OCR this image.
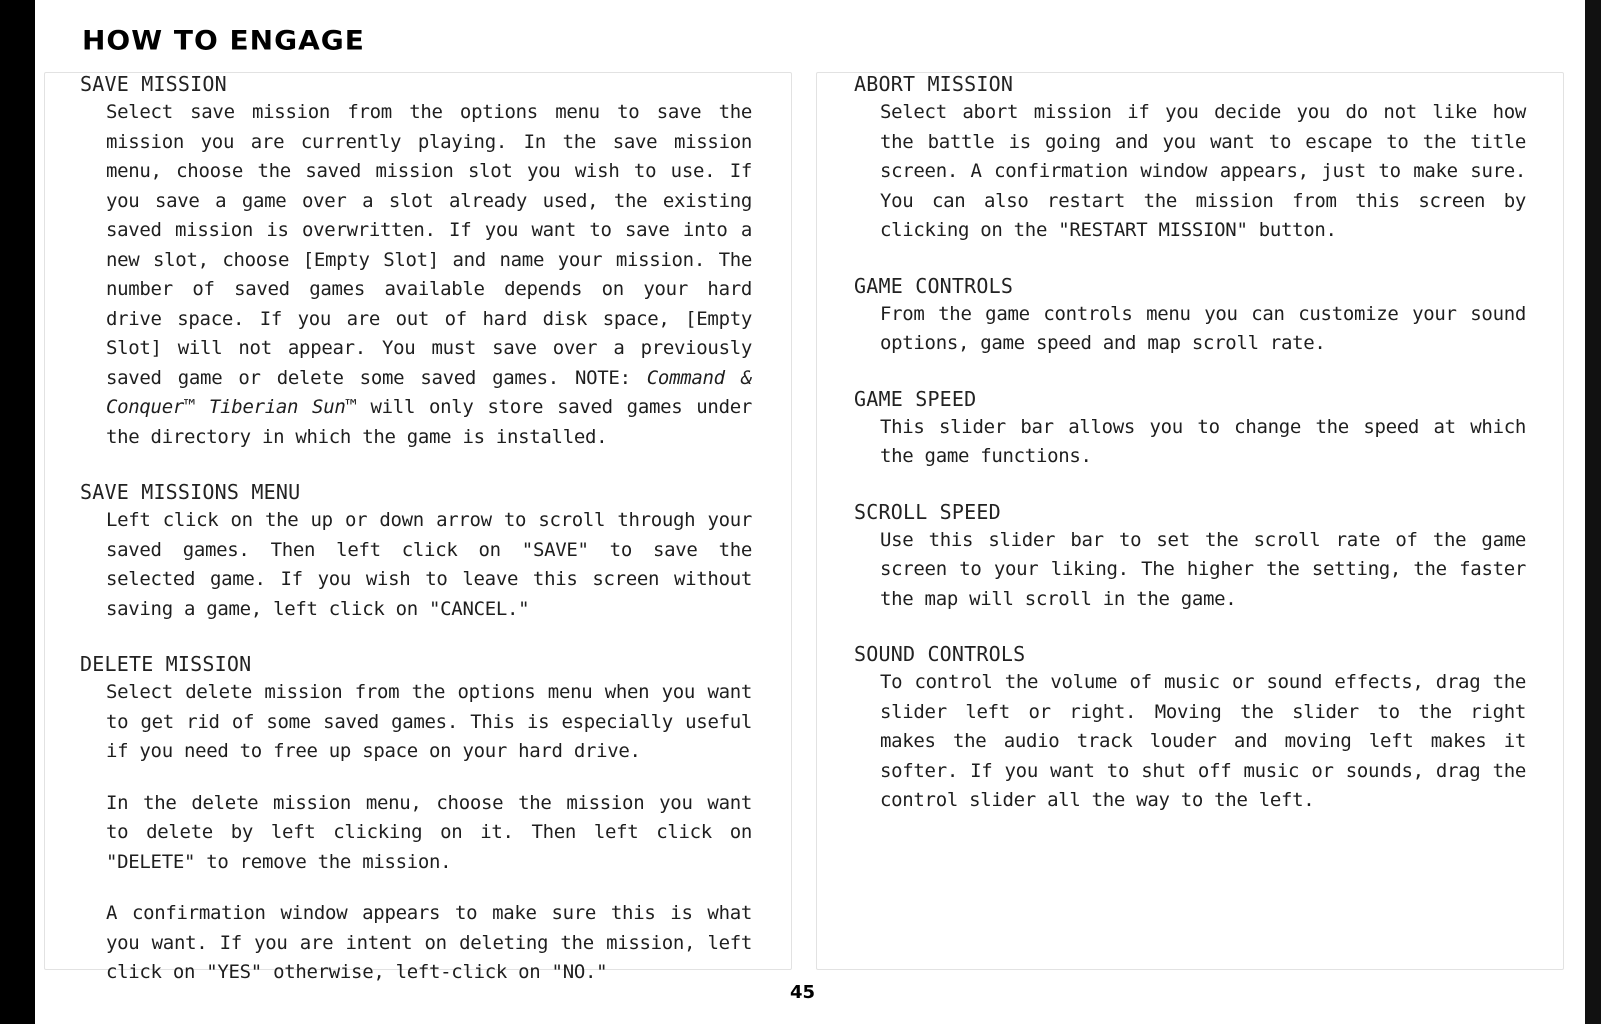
HOW TO ENGAGE
SAVE MISSION
Select save mission from the options menu to save the mission you are currently playing. In the save mission menu, choose the saved mission slot you wish to use. If you save a game over a slot already used, the existing saved mission is overwritten. If you want to save into a new slot, choose [Empty Slot] and name your mission. The number of saved games available depends on your hard drive space. If you are out of hard disk space, [Empty Slot] will not appear. You must save over a previously saved game or delete some saved games. NOTE: Command & Conquer™ Tiberian Sun™ will only store saved games under the directory in which the game is installed.
SAVE MISSIONS MENU
Left click on the up or down arrow to scroll through your saved games. Then left click on "SAVE" to save the selected game. If you wish to leave this screen without saving a game, left click on "CANCEL."
DELETE MISSION
Select delete mission from the options menu when you want to get rid of some saved games. This is especially useful if you need to free up space on your hard drive.
In the delete mission menu, choose the mission you want to delete by left clicking on it. Then left click on "DELETE" to remove the mission.
A confirmation window appears to make sure this is what you want. If you are intent on deleting the mission, left click on "YES" otherwise, left-click on "NO."
ABORT MISSION
Select abort mission if you decide you do not like how the battle is going and you want to escape to the title screen. A confirmation window appears, just to make sure. You can also restart the mission from this screen by clicking on the "RESTART MISSION" button.
GAME CONTROLS
From the game controls menu you can customize your sound options, game speed and map scroll rate.
GAME SPEED
This slider bar allows you to change the speed at which the game functions.
SCROLL SPEED
Use this slider bar to set the scroll rate of the game screen to your liking. The higher the setting, the faster the map will scroll in the game.
SOUND CONTROLS
To control the volume of music or sound effects, drag the slider left or right. Moving the slider to the right makes the audio track louder and moving left makes it softer. If you want to shut off music or sounds, drag the control slider all the way to the left.
45
